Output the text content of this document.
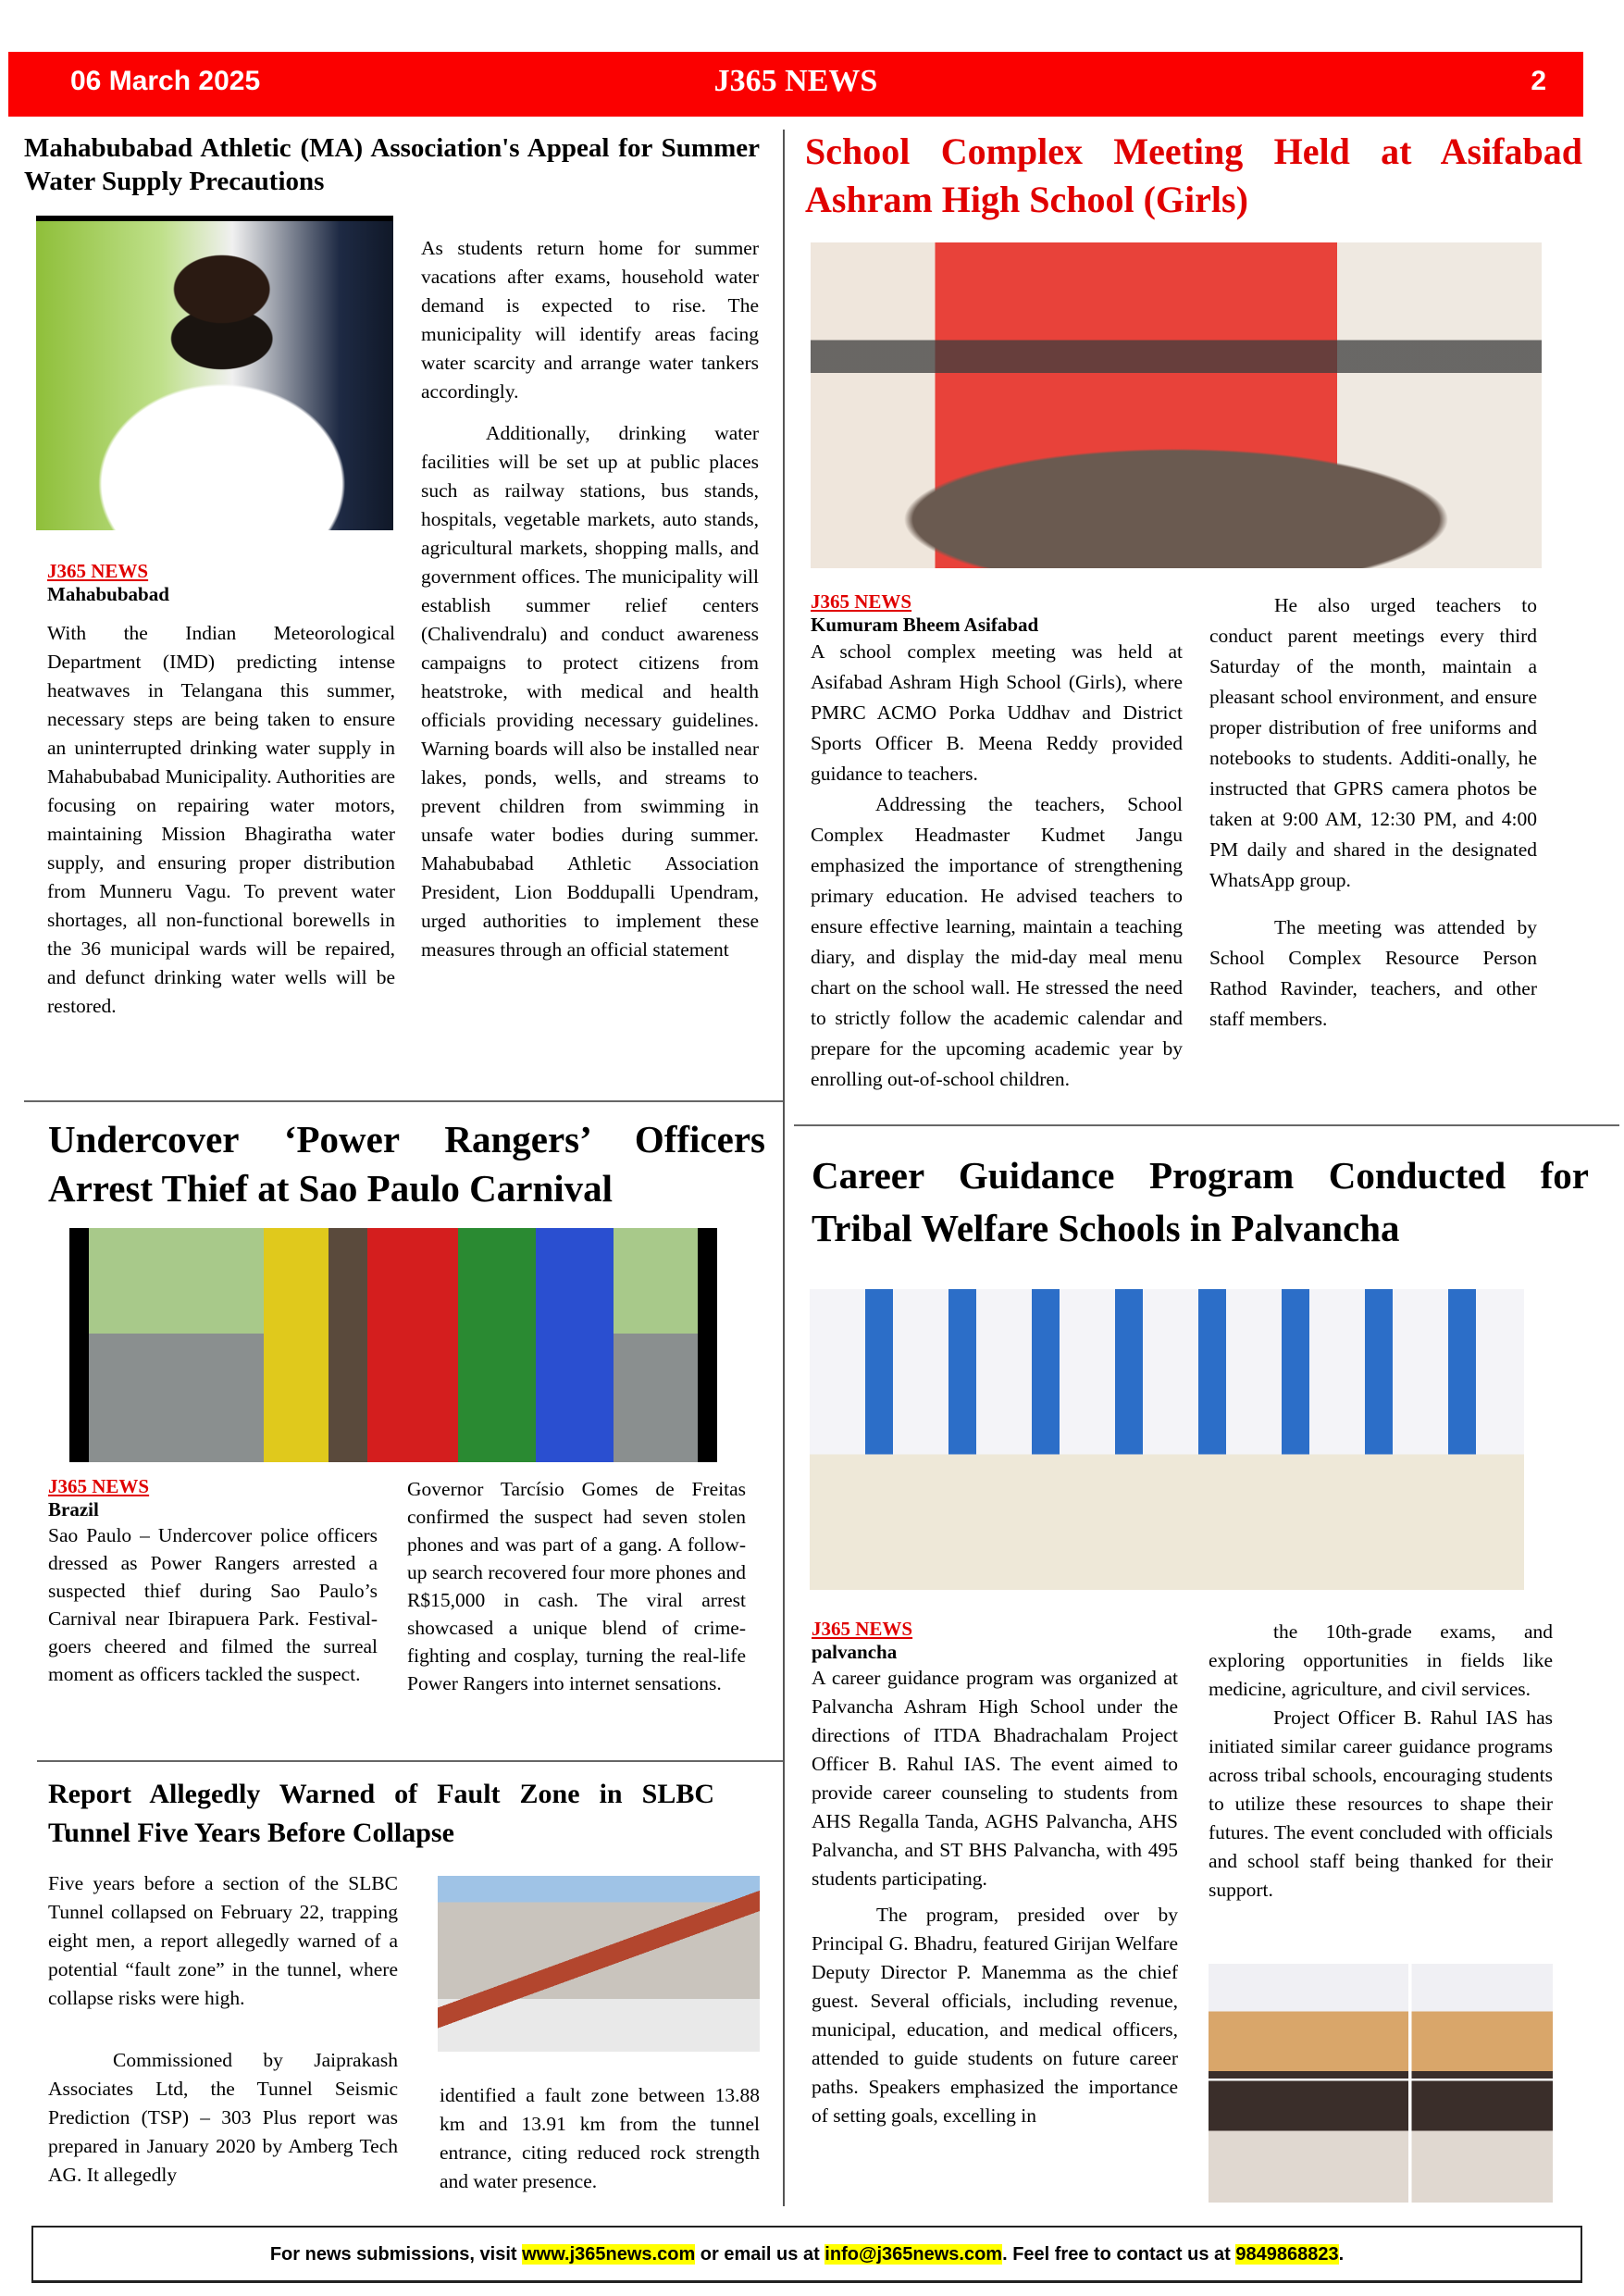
06 March 2025	J365 NEWS	2
Mahabubabad Athletic (MA) Association's Appeal for Summer Water Supply Precautions
J365 NEWS
Mahabubabad

With the Indian Meteorological Department (IMD) predicting intense heatwaves in Telangana this summer, necessary steps are being taken to ensure an uninterrupted drinking water supply in Mahabubabad Municipality. Authorities are focusing on repairing water motors, maintaining Mission Bhagiratha water supply, and ensuring proper distribution from Munneru Vagu. To prevent water shortages, all non-functional borewells in the 36 municipal wards will be repaired, and defunct drinking water wells will be restored.

As students return home for summer vacations after exams, household water demand is expected to rise. The municipality will identify areas facing water scarcity and arrange water tankers accordingly.

Additionally, drinking water facilities will be set up at public places such as railway stations, bus stands, hospitals, vegetable markets, auto stands, agricultural markets, shopping malls, and government offices. The municipality will establish summer relief centers (Chalivendralu) and conduct awareness campaigns to protect citizens from heatstroke, with medical and health officials providing necessary guidelines. Warning boards will also be installed near lakes, ponds, wells, and streams to prevent children from swimming in unsafe water bodies during summer. Mahabubabad Athletic Association President, Lion Boddupalli Upendram, urged authorities to implement these measures through an official statement

School Complex Meeting Held at Asifabad Ashram High School (Girls)
J365 NEWS
Kumuram Bheem Asifabad

A school complex meeting was held at Asifabad Ashram High School (Girls), where PMRC ACMO Porka Uddhav and District Sports Officer B. Meena Reddy provided guidance to teachers.

Addressing the teachers, School Complex Headmaster Kudmet Jangu emphasized the importance of strengthening primary education. He advised teachers to ensure effective learning, maintain a teaching diary, and display the mid-day meal menu chart on the school wall. He stressed the need to strictly follow the academic calendar and prepare for the upcoming academic year by enrolling out-of-school children.

He also urged teachers to conduct parent meetings every third Saturday of the month, maintain a pleasant school environment, and ensure proper distribution of free uniforms and notebooks to students. Additi-onally, he instructed that GPRS camera photos be taken at 9:00 AM, 12:30 PM, and 4:00 PM daily and shared in the designated WhatsApp group.

The meeting was attended by School Complex Resource Person Rathod Ravinder, teachers, and other staff members.

Undercover ‘Power Rangers’ Officers Arrest Thief at Sao Paulo Carnival
J365 NEWS
Brazil

Sao Paulo – Undercover police officers dressed as Power Rangers arrested a suspected thief during Sao Paulo’s Carnival near Ibirapuera Park. Festival-goers cheered and filmed the surreal moment as officers tackled the suspect.

Governor Tarcísio Gomes de Freitas confirmed the suspect had seven stolen phones and was part of a gang. A follow-up search recovered four more phones and R$15,000 in cash. The viral arrest showcased a unique blend of crime-fighting and cosplay, turning the real-life Power Rangers into internet sensations.

Report Allegedly Warned of Fault Zone in SLBC Tunnel Five Years Before Collapse

Five years before a section of the SLBC Tunnel collapsed on February 22, trapping eight men, a report allegedly warned of a potential “fault zone” in the tunnel, where collapse risks were high.

Commissioned by Jaiprakash Associates Ltd, the Tunnel Seismic Prediction (TSP) – 303 Plus report was prepared in January 2020 by Amberg Tech AG. It allegedly

identified a fault zone between 13.88 km and 13.91 km from the tunnel entrance, citing reduced rock strength and water presence.

Career Guidance Program Conducted for Tribal Welfare Schools in Palvancha
J365 NEWS
palvancha

A career guidance program was organized at Palvancha Ashram High School under the directions of ITDA Bhadrachalam Project Officer B. Rahul IAS. The event aimed to provide career counseling to students from AHS Regalla Tanda, AGHS Palvancha, AHS Palvancha, and ST BHS Palvancha, with 495 students participating.

The program, presided over by Principal G. Bhadru, featured Girijan Welfare Deputy Director P. Manemma as the chief guest. Several officials, including revenue, municipal, education, and medical officers, attended to guide students on future career paths. Speakers emphasized the importance of setting goals, excelling in

the 10th-grade exams, and exploring opportunities in fields like medicine, agriculture, and civil services.

Project Officer B. Rahul IAS has initiated similar career guidance programs across tribal schools, encouraging students to utilize these resources to shape their futures. The event concluded with officials and school staff being thanked for their support.

For news submissions, visit www.j365news.com or email us at info@j365news.com. Feel free to contact us at 9849868823.
